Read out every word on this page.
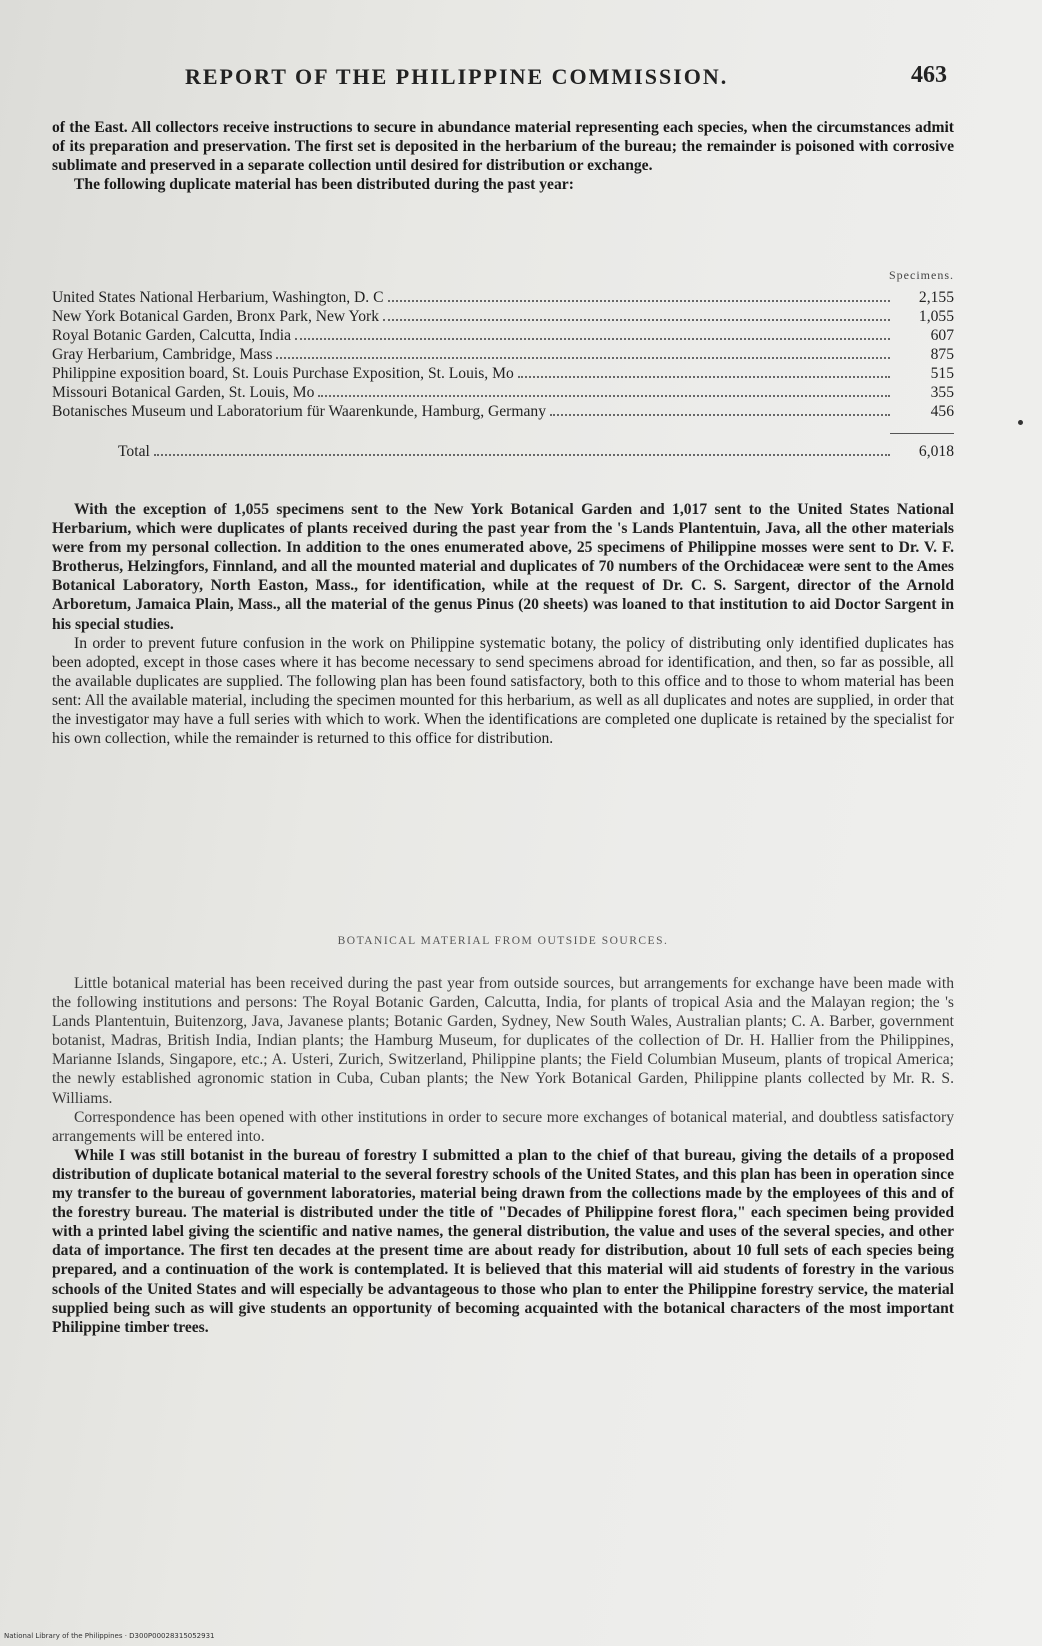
REPORT OF THE PHILIPPINE COMMISSION.	463

of the East. All collectors receive instructions to secure in abundance material representing each species, when the circumstances admit of its preparation and preservation. The first set is deposited in the herbarium of the bureau; the remainder is poisoned with corrosive sublimate and preserved in a separate collection until desired for distribution or exchange.

The following duplicate material has been distributed during the past year:

Specimens.
United States National Herbarium, Washington, D. C	2,155
New York Botanical Garden, Bronx Park, New York	1,055
Royal Botanic Garden, Calcutta, India	607
Gray Herbarium, Cambridge, Mass	875
Philippine exposition board, St. Louis Purchase Exposition, St. Louis, Mo	515
Missouri Botanical Garden, St. Louis, Mo	355
Botanisches Museum und Laboratorium für Waarenkunde, Hamburg, Germany	456
Total	6,018

With the exception of 1,055 specimens sent to the New York Botanical Garden and 1,017 sent to the United States National Herbarium, which were duplicates of plants received during the past year from the 's Lands Plantentuin, Java, all the other materials were from my personal collection. In addition to the ones enumerated above, 25 specimens of Philippine mosses were sent to Dr. V. F. Brotherus, Helzingfors, Finnland, and all the mounted material and duplicates of 70 numbers of the Orchidaceæ were sent to the Ames Botanical Laboratory, North Easton, Mass., for identification, while at the request of Dr. C. S. Sargent, director of the Arnold Arboretum, Jamaica Plain, Mass., all the material of the genus Pinus (20 sheets) was loaned to that institution to aid Doctor Sargent in his special studies.

In order to prevent future confusion in the work on Philippine systematic botany, the policy of distributing only identified duplicates has been adopted, except in those cases where it has become necessary to send specimens abroad for identification, and then, so far as possible, all the available duplicates are supplied. The following plan has been found satisfactory, both to this office and to those to whom material has been sent: All the available material, including the specimen mounted for this herbarium, as well as all duplicates and notes are supplied, in order that the investigator may have a full series with which to work. When the identifications are completed one duplicate is retained by the specialist for his own collection, while the remainder is returned to this office for distribution.

BOTANICAL MATERIAL FROM OUTSIDE SOURCES.

Little botanical material has been received during the past year from outside sources, but arrangements for exchange have been made with the following institutions and persons: The Royal Botanic Garden, Calcutta, India, for plants of tropical Asia and the Malayan region; the 's Lands Plantentuin, Buitenzorg, Java, Javanese plants; Botanic Garden, Sydney, New South Wales, Australian plants; C. A. Barber, government botanist, Madras, British India, Indian plants; the Hamburg Museum, for duplicates of the collection of Dr. H. Hallier from the Philippines, Marianne Islands, Singapore, etc.; A. Usteri, Zurich, Switzerland, Philippine plants; the Field Columbian Museum, plants of tropical America; the newly established agronomic station in Cuba, Cuban plants; the New York Botanical Garden, Philippine plants collected by Mr. R. S. Williams.

Correspondence has been opened with other institutions in order to secure more exchanges of botanical material, and doubtless satisfactory arrangements will be entered into.

While I was still botanist in the bureau of forestry I submitted a plan to the chief of that bureau, giving the details of a proposed distribution of duplicate botanical material to the several forestry schools of the United States, and this plan has been in operation since my transfer to the bureau of government laboratories, material being drawn from the collections made by the employees of this and of the forestry bureau. The material is distributed under the title of "Decades of Philippine forest flora," each specimen being provided with a printed label giving the scientific and native names, the general distribution, the value and uses of the several species, and other data of importance. The first ten decades at the present time are about ready for distribution, about 10 full sets of each species being prepared, and a continuation of the work is contemplated. It is believed that this material will aid students of forestry in the various schools of the United States and will especially be advantageous to those who plan to enter the Philippine forestry service, the material supplied being such as will give students an opportunity of becoming acquainted with the botanical characters of the most important Philippine timber trees.

National Library of the Philippines · D300P00028315052931
